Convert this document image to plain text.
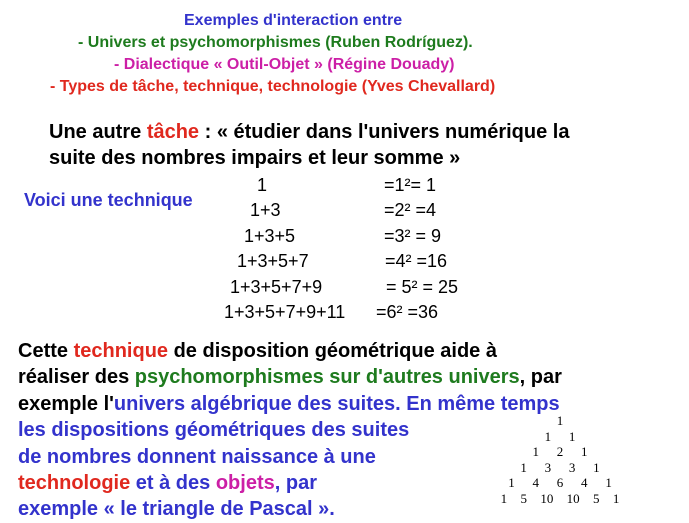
Exemples d'interaction entre
- Univers et psychomorphismes (Ruben Rodríguez).
- Dialectique « Outil-Objet » (Régine Douady)
- Types de tâche, technique, technologie (Yves Chevallard)
Une autre tâche : « étudier dans l'univers numérique la
suite des nombres impairs et leur somme »
Voici une technique
1	=1²= 1
1+3	=2² =4
1+3+5	=3² = 9
1+3+5+7	=4² =16
1+3+5+7+9	= 5² = 25
1+3+5+7+9+11 =6² =36
Cette technique de disposition géométrique aide à
réaliser des psychomorphismes sur d'autres univers, par
exemple l'univers algébrique des suites. En même temps
les dispositions géométriques des suites
de nombres donnent naissance à une
technologie et à des objets, par
exemple « le triangle de Pascal ».
1
1 1
1 2 1
1 3 3 1
1 4 6 4 1
1 5 10 10 5 1
